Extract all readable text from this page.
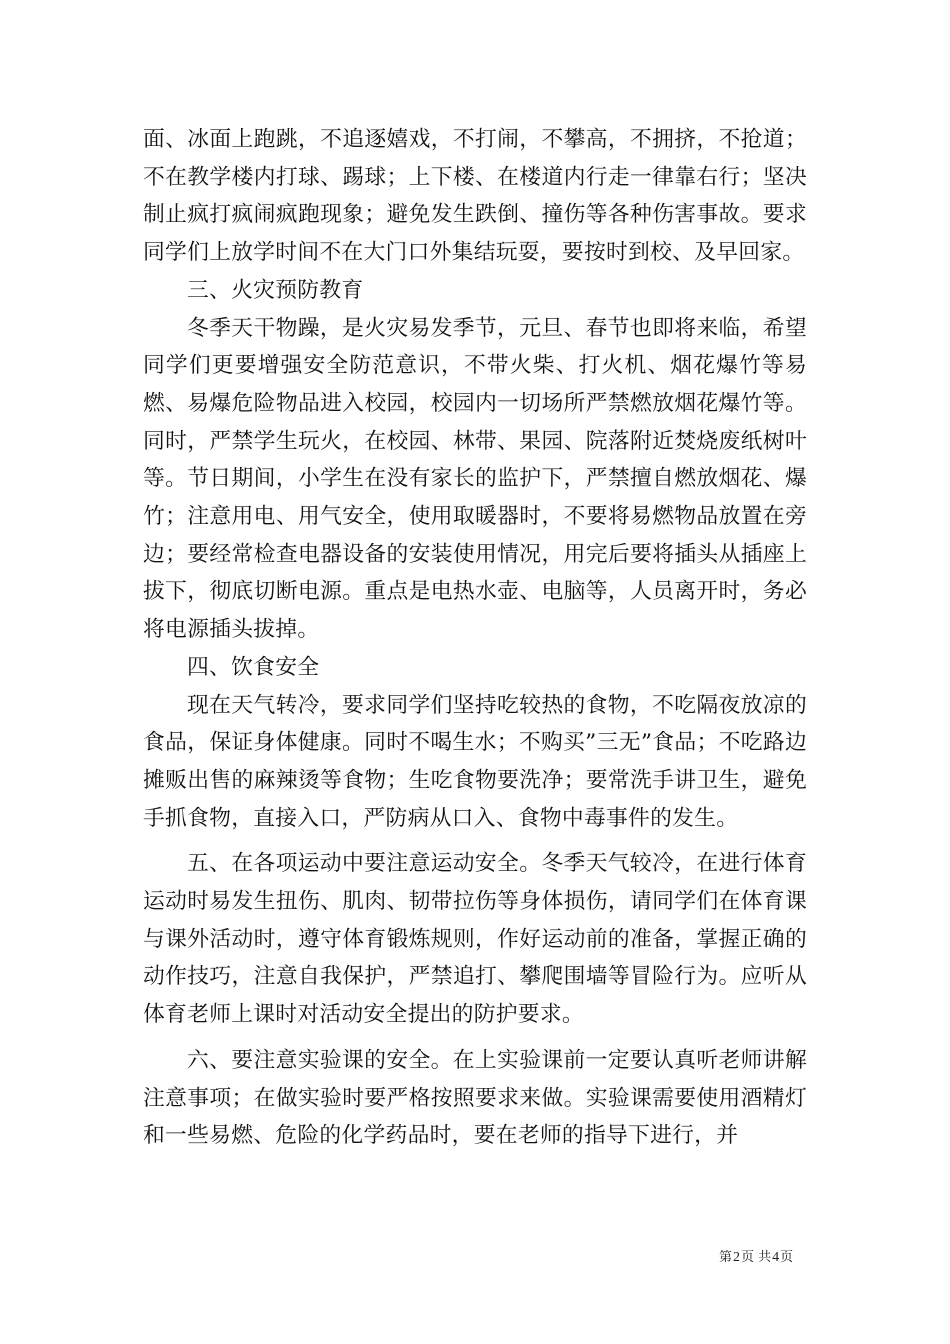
面、冰面上跑跳，不追逐嬉戏，不打闹，不攀高，不拥挤，不抢道；不在教学楼内打球、踢球；上下楼、在楼道内行走一律靠右行；坚决制止疯打疯闹疯跑现象；避免发生跌倒、撞伤等各种伤害事故。要求同学们上放学时间不在大门口外集结玩耍，要按时到校、及早回家。

三、火灾预防教育

冬季天干物躁，是火灾易发季节，元旦、春节也即将来临，希望同学们更要增强安全防范意识，不带火柴、打火机、烟花爆竹等易燃、易爆危险物品进入校园，校园内一切场所严禁燃放烟花爆竹等。同时，严禁学生玩火，在校园、林带、果园、院落附近焚烧废纸树叶等。节日期间，小学生在没有家长的监护下，严禁擅自燃放烟花、爆竹；注意用电、用气安全，使用取暖器时，不要将易燃物品放置在旁边；要经常检查电器设备的安装使用情况，用完后要将插头从插座上拔下，彻底切断电源。重点是电热水壶、电脑等，人员离开时，务必将电源插头拔掉。

四、饮食安全

现在天气转冷，要求同学们坚持吃较热的食物，不吃隔夜放凉的食品，保证身体健康。同时不喝生水；不购买”三无”食品；不吃路边摊贩出售的麻辣烫等食物；生吃食物要洗净；要常洗手讲卫生，避免手抓食物，直接入口，严防病从口入、食物中毒事件的发生。

五、在各项运动中要注意运动安全。冬季天气较冷，在进行体育运动时易发生扭伤、肌肉、韧带拉伤等身体损伤，请同学们在体育课与课外活动时，遵守体育锻炼规则，作好运动前的准备，掌握正确的动作技巧，注意自我保护，严禁追打、攀爬围墙等冒险行为。应听从体育老师上课时对活动安全提出的防护要求。

六、要注意实验课的安全。在上实验课前一定要认真听老师讲解注意事项；在做实验时要严格按照要求来做。实验课需要使用酒精灯和一些易燃、危险的化学药品时，要在老师的指导下进行，并

第2页 共4页
